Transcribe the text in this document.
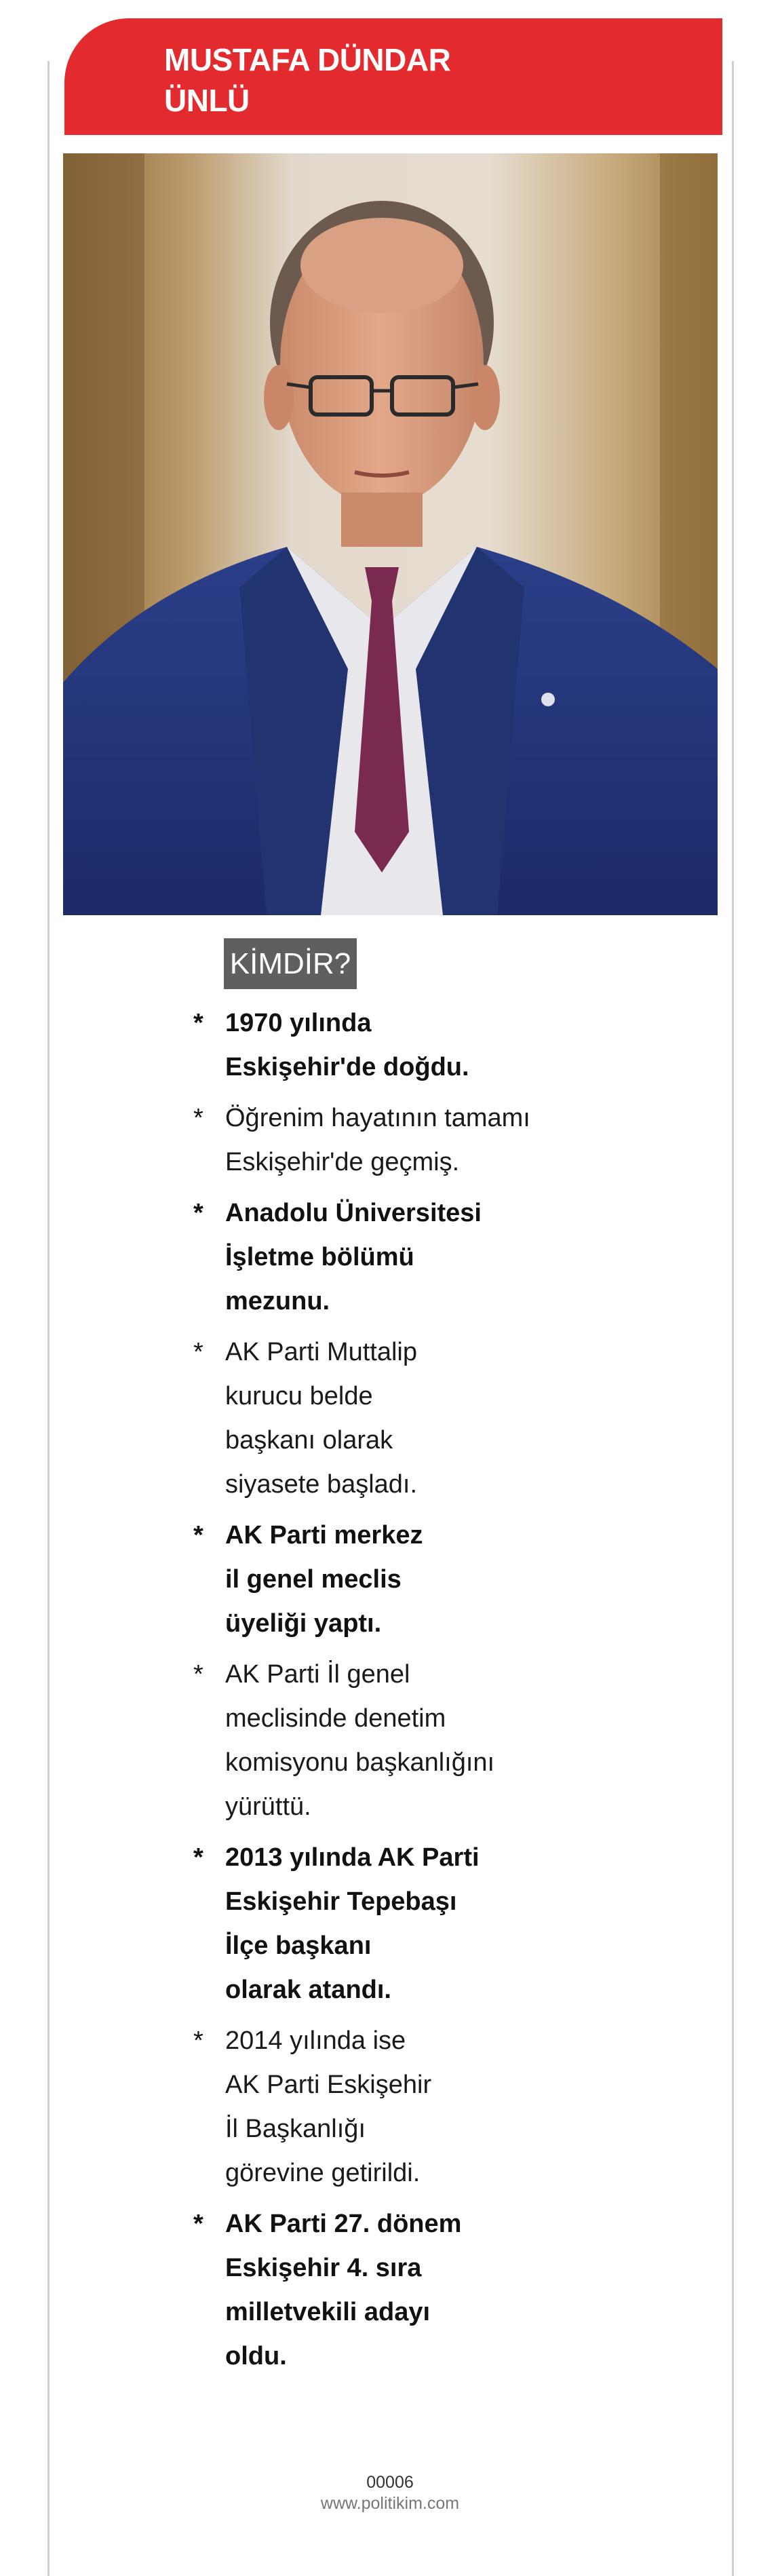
MUSTAFA DÜNDAR
ÜNLÜ
KİMDİR?
* 1970 yılında
Eskişehir'de doğdu.
* Öğrenim hayatının tamamı
Eskişehir'de geçmiş.
* Anadolu Üniversitesi
İşletme bölümü
mezunu.
* AK Parti Muttalip
kurucu belde
başkanı olarak
siyasete başladı.
* AK Parti merkez
il genel meclis
üyeliği yaptı.
* AK Parti İl genel
meclisinde denetim
komisyonu başkanlığını
yürüttü.
* 2013 yılında AK Parti
Eskişehir Tepebaşı
İlçe başkanı
olarak atandı.
* 2014 yılında ise
AK Parti Eskişehir
İl Başkanlığı
görevine getirildi.
* AK Parti 27. dönem
Eskişehir 4. sıra
milletvekili adayı
oldu.
00006
www.politikim.com
